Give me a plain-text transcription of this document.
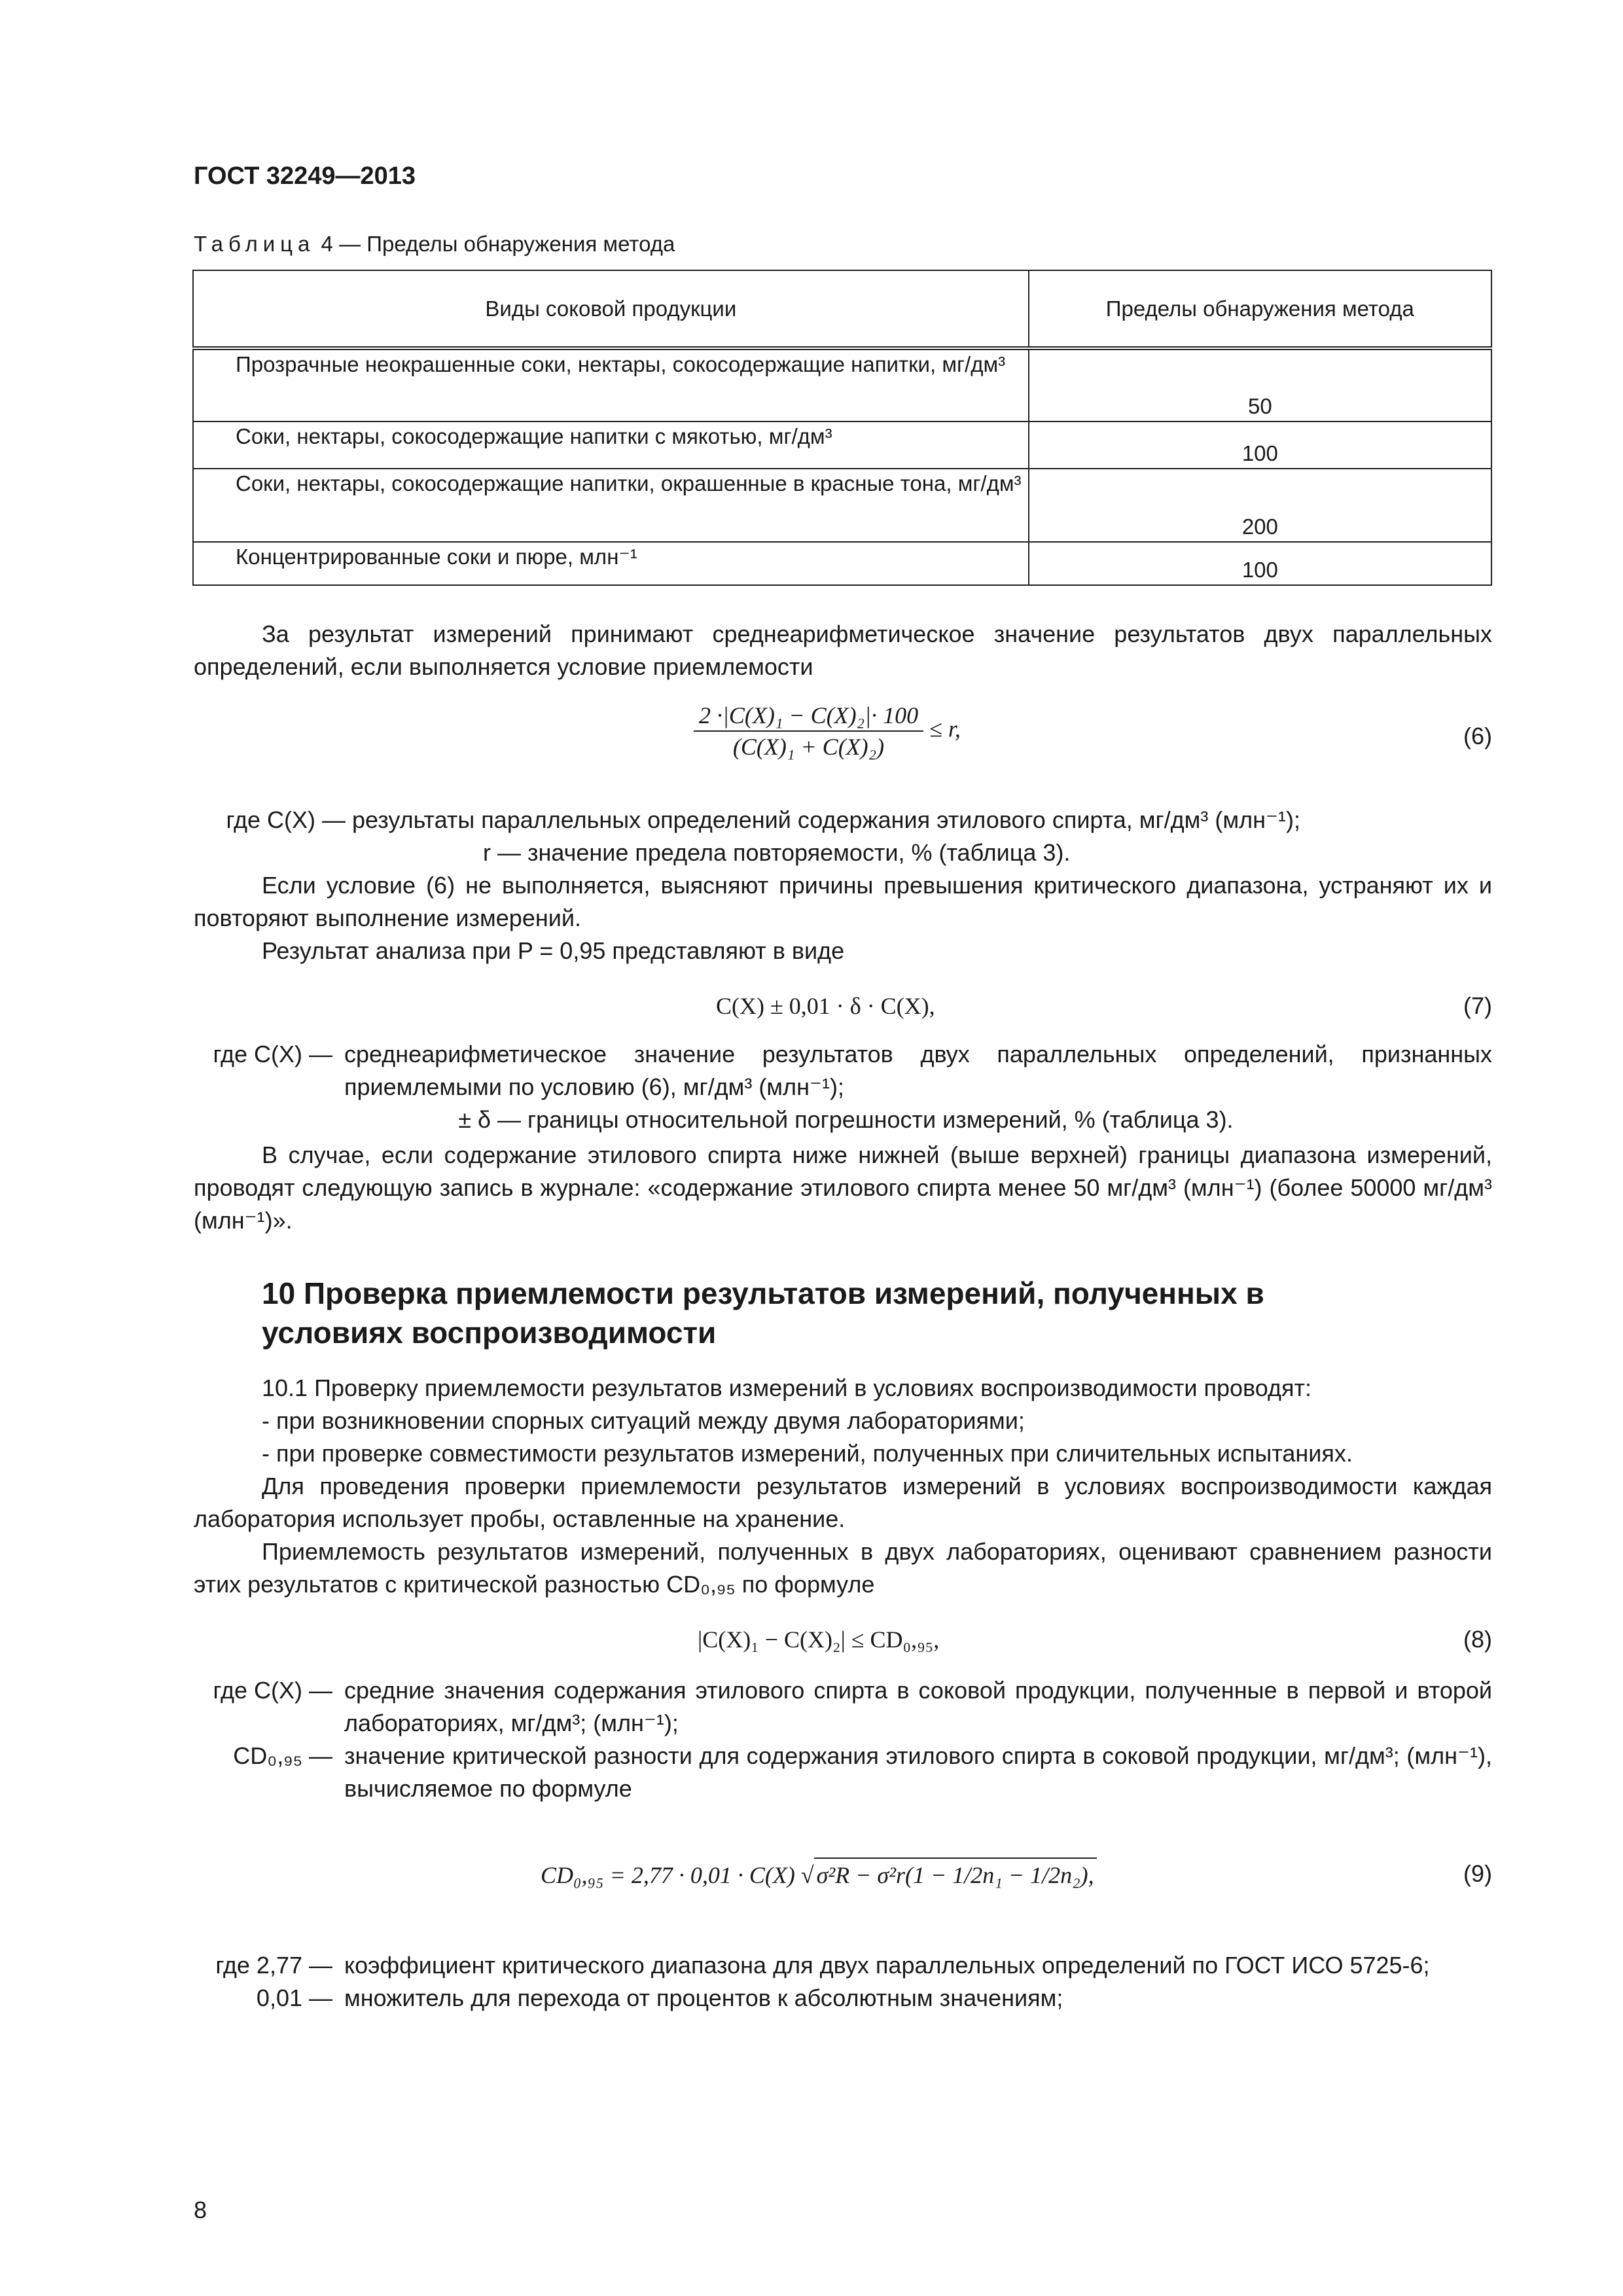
ГОСТ 32249—2013
Таблица 4 — Пределы обнаружения метода
Виды соковой продукции	Пределы обнаружения метода

Прозрачные неокрашенные соки, нектары, сокосодержащие напитки, мг/дм³	50

Соки, нектары, сокосодержащие напитки с мякотью, мг/дм³	100

Соки, нектары, сокосодержащие напитки, окрашенные в красные тона, мг/дм³	200

Концентрированные соки и пюре, млн⁻¹	100

За результат измерений принимают среднеарифметическое значение результатов двух параллельных определений, если выполняется условие приемлемости

$\frac{\text{2 ·|C(X)₁ − C(X)₂|· 100}}{\text{(C(X)₁ + C(X)₂)}} \le r$,	(6)
где C(X) — результаты параллельных определений содержания этилового спирта, мг/дм³ (млн⁻¹);
r — значение предела повторяемости, % (таблица 3).

Если условие (6) не выполняется, выясняют причины превышения критического диапазона, устраняют их и повторяют выполнение измерений.

Результат анализа при P = 0,95 представляют в виде

C(X) ± 0,01 · δ · C(X),	(7)
где C(X) — среднеарифметическое значение результатов двух параллельных определений, признанных приемлемыми по условию (6), мг/дм³ (млн⁻¹);
± δ — границы относительной погрешности измерений, % (таблица 3).

В случае, если содержание этилового спирта ниже нижней (выше верхней) границы диапазона измерений, проводят следующую запись в журнале: «содержание этилового спирта менее 50 мг/дм³ (млн⁻¹) (более 50000 мг/дм³ (млн⁻¹)».

10 Проверка приемлемости результатов измерений, полученных в условиях воспроизводимости

10.1 Проверку приемлемости результатов измерений в условиях воспроизводимости проводят:

- при возникновении спорных ситуаций между двумя лабораториями;

- при проверке совместимости результатов измерений, полученных при сличительных испытаниях.

Для проведения проверки приемлемости результатов измерений в условиях воспроизводимости каждая лаборатория использует пробы, оставленные на хранение.

Приемлемость результатов измерений, полученных в двух лабораториях, оценивают сравнением разности этих результатов с критической разностью CD₀,₉₅ по формуле

|C(X)₁ − C(X)₂| ≤ CD₀,₉₅,	(8)
где C(X) — средние значения содержания этилового спирта в соковой продукции, полученные в первой и второй лабораториях, мг/дм³; (млн⁻¹);
CD₀,₉₅ — значение критической разности для содержания этилового спирта в соковой продукции, мг/дм³; (млн⁻¹), вычисляемое по формуле
CD₀,₉₅ = 2,77 · 0,01 · C(X) √ σ²R − σ²r(1 − 1/2n₁ − 1/2n₂),	(9)
где 2,77 — коэффициент критического диапазона для двух параллельных определений по ГОСТ ИСО 5725-6;
0,01 — множитель для перехода от процентов к абсолютным значениям;
8
